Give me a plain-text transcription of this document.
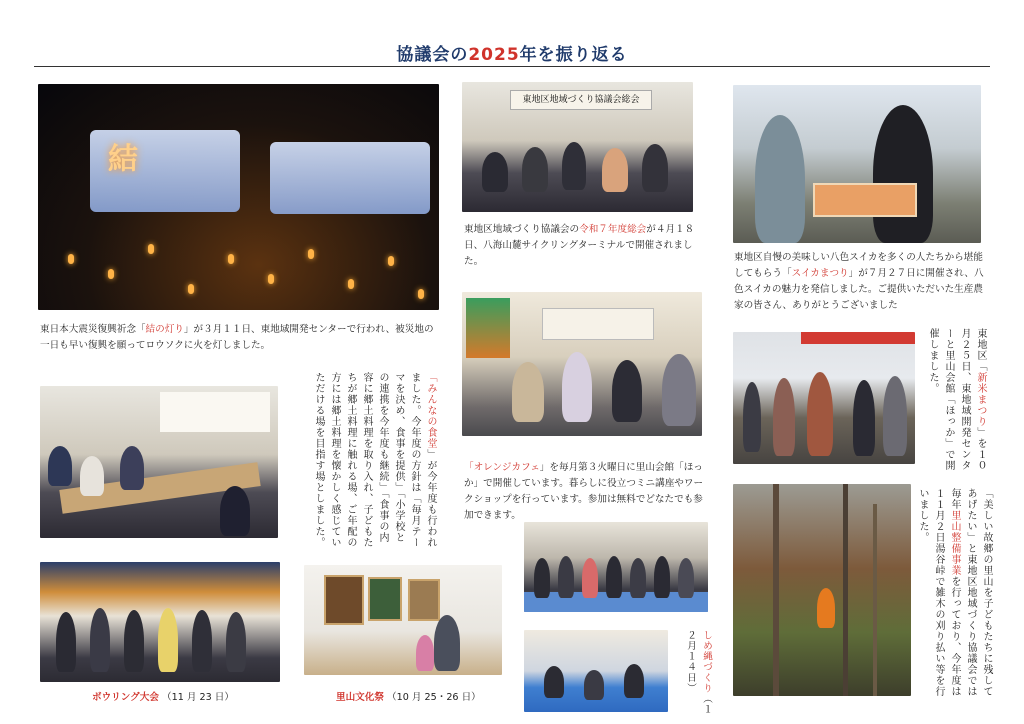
協議会の2025年を振り返る
結
東日本大震災復興祈念「結の灯り」が３月１１日、東地域開発センターで行われ、被災地の一日も早い復興を願ってロウソクに火を灯しました。
東地区地域づくり協議会総会
東地区地域づくり協議会の令和７年度総会が４月１８日、八海山麓サイクリングターミナルで開催されました。	東地区自慢の美味しい八色スイカを多くの人たちから堪能してもらう「スイカまつり」が７月２７日に開催され、八色スイカの魅力を発信しました。ご提供いただいた生産農家の皆さん、ありがとうございました
「オレンジカフェ」を毎月第３火曜日に里山会館「ほっか」で開催しています。暮らしに役立つミニ講座やワークショップを行っています。参加は無料でどなたでも参加できます。
「みんなの食堂」が今年度も行われました。今年度の方針は「毎月テーマを決め、食事を提供」「小学校との連携を今年度も継続」「食事の内容に郷土料理を取り入れ、子どもたちが郷土料理に触れる場、ご年配の方には郷土料理を懐かしく感じていただける場を目指す場としました。
ボウリング大会 （11 月 23 日）	里山文化祭 （10 月 25・26 日）
しめ縄づくり（１２月１４日）
東地区「新米まつり」を１０月２５日、東地域開発センターと里山会館「ほっか」で開催しました。
「美しい故郷の里山を子どもたちに残してあげたい」と東地区地域づくり協議会では毎年里山整備事業を行っており、今年度は１１月２日湯谷峠で雑木の刈り払い等を行いました。
